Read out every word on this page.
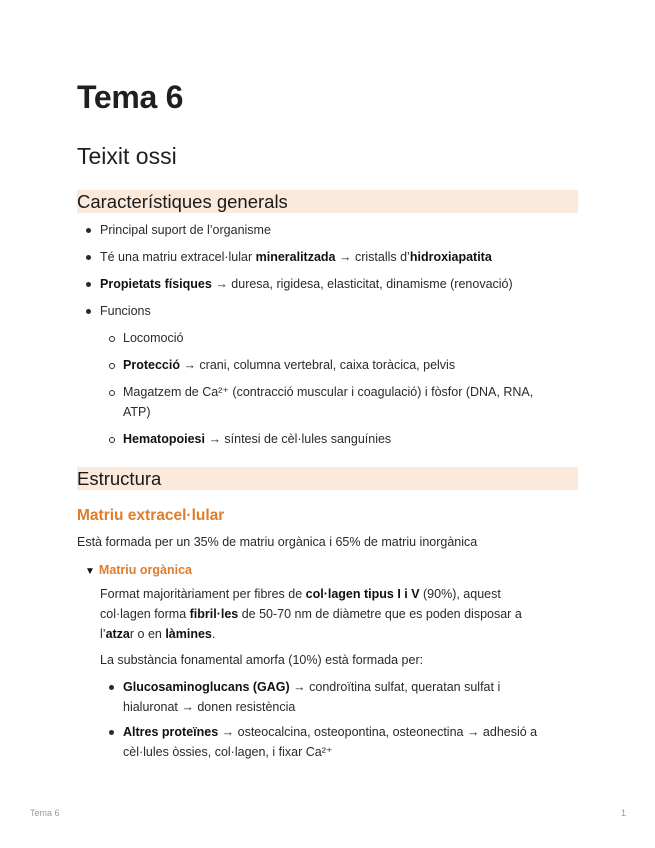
Tema 6
Teixit ossi
Característiques generals
Principal suport de l’organisme
Té una matriu extracel·lular mineralitzada → cristalls d’hidroxiapatita
Propietats físiques → duresa, rigidesa, elasticitat, dinamisme (renovació)
Funcions
Locomoció
Protecció → crani, columna vertebral, caixa toràcica, pelvis
Magatzem de Ca²⁺ (contracció muscular i coagulació) i fòsfor (DNA, RNA,
ATP)
Hematopoiesi → síntesi de cèl·lules sanguínies
Estructura
Matriu extracel·lular

Està formada per un 35% de matriu orgànica i 65% de matriu inorgànica

▼ Matriu orgànica

Format majoritàriament per fibres de col·lagen tipus I i V (90%), aquest
col·lagen forma fibril·les de 50-70 nm de diàmetre que es poden disposar a
l’atzar o en làmines.

La substància fonamental amorfa (10%) està formada per:

Glucosaminoglucans (GAG) → condroïtina sulfat, queratan sulfat i
hialuronat → donen resistència
Altres proteïnes → osteocalcina, osteopontina, osteonectina → adhesió a
cèl·lules òssies, col·lagen, i fixar Ca²⁺
Tema 6	1
